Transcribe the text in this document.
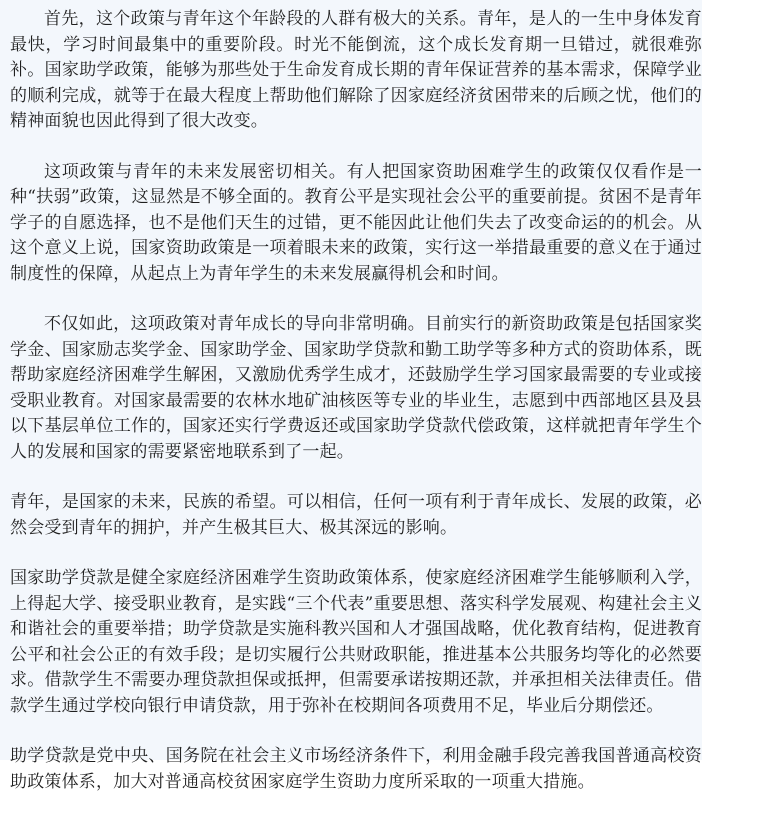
首先，这个政策与青年这个年龄段的人群有极大的关系。青年，是人的一生中身体发育最快，学习时间最集中的重要阶段。时光不能倒流，这个成长发育期一旦错过，就很难弥补。国家助学政策，能够为那些处于生命发育成长期的青年保证营养的基本需求，保障学业的顺利完成，就等于在最大程度上帮助他们解除了因家庭经济贫困带来的后顾之忧，他们的精神面貌也因此得到了很大改变。

这项政策与青年的未来发展密切相关。有人把国家资助困难学生的政策仅仅看作是一种“扶弱”政策，这显然是不够全面的。教育公平是实现社会公平的重要前提。贫困不是青年学子的自愿选择，也不是他们天生的过错，更不能因此让他们失去了改变命运的的机会。从这个意义上说，国家资助政策是一项着眼未来的政策，实行这一举措最重要的意义在于通过制度性的保障，从起点上为青年学生的未来发展赢得机会和时间。

不仅如此，这项政策对青年成长的导向非常明确。目前实行的新资助政策是包括国家奖学金、国家励志奖学金、国家助学金、国家助学贷款和勤工助学等多种方式的资助体系，既帮助家庭经济困难学生解困，又激励优秀学生成才，还鼓励学生学习国家最需要的专业或接受职业教育。对国家最需要的农林水地矿油核医等专业的毕业生，志愿到中西部地区县及县以下基层单位工作的，国家还实行学费返还或国家助学贷款代偿政策，这样就把青年学生个人的发展和国家的需要紧密地联系到了一起。

青年，是国家的未来，民族的希望。可以相信，任何一项有利于青年成长、发展的政策，必然会受到青年的拥护，并产生极其巨大、极其深远的影响。

国家助学贷款是健全家庭经济困难学生资助政策体系，使家庭经济困难学生能够顺利入学，上得起大学、接受职业教育，是实践“三个代表”重要思想、落实科学发展观、构建社会主义和谐社会的重要举措；助学贷款是实施科教兴国和人才强国战略，优化教育结构，促进教育公平和社会公正的有效手段；是切实履行公共财政职能，推进基本公共服务均等化的必然要求。借款学生不需要办理贷款担保或抵押，但需要承诺按期还款，并承担相关法律责任。借款学生通过学校向银行申请贷款，用于弥补在校期间各项费用不足，毕业后分期偿还。

助学贷款是党中央、国务院在社会主义市场经济条件下，利用金融手段完善我国普通高校资助政策体系，加大对普通高校贫困家庭学生资助力度所采取的一项重大措施。
